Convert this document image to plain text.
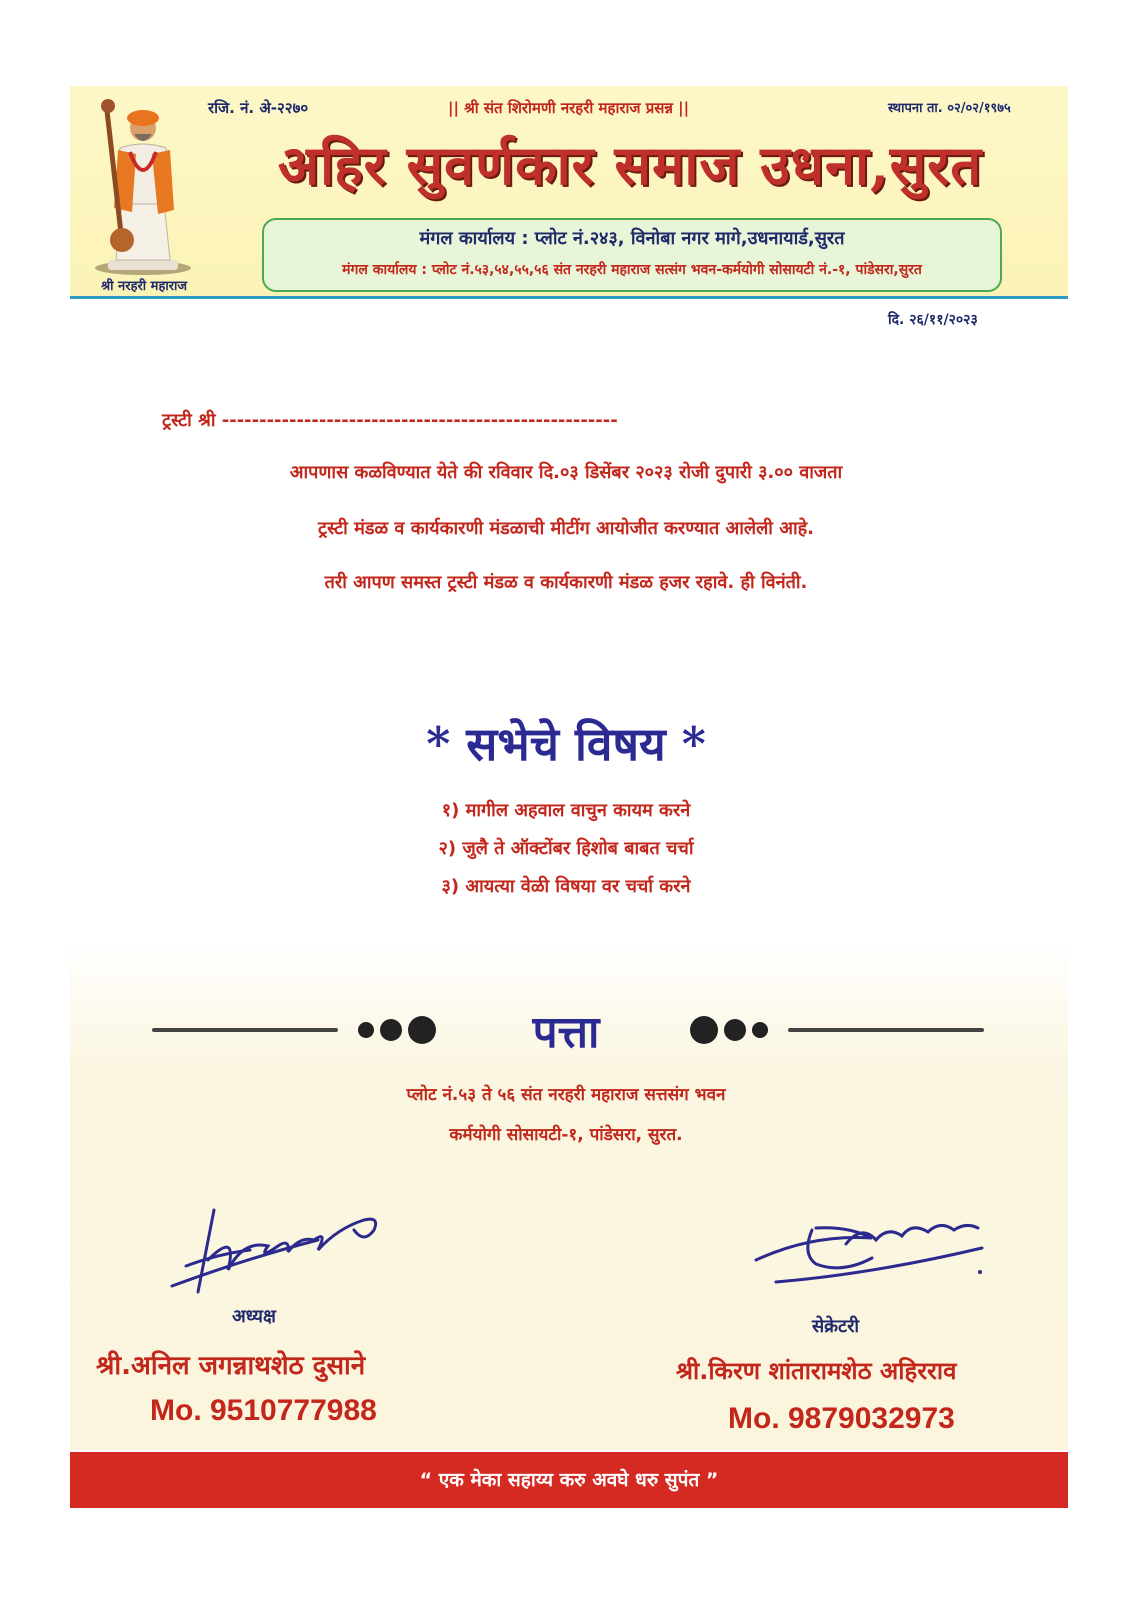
श्री नरहरी महाराज
रजि. नं. अे-२२७०	|| श्री संत शिरोमणी नरहरी महाराज प्रसन्न ||	स्थापना ता. ०२/०२/१९७५
अहिर सुवर्णकार समाज उधना,सुरत
मंगल कार्यालय : प्लोट नं.२४३, विनोबा नगर मागे,उधनायार्ड,सुरत
मंगल कार्यालय : प्लोट नं.५३,५४,५५,५६ संत नरहरी महाराज सत्संग भवन-कर्मयोगी सोसायटी नं.-१, पांडेसरा,सुरत
दि. २६/११/२०२३
ट्रस्टी श्री -----------------------------------------------------
आपणास कळविण्यात येते की रविवार दि.०३ डिसेंबर २०२३ रोजी दुपारी ३.०० वाजता
ट्रस्टी मंडळ व कार्यकारणी मंडळाची मीटींग आयोजीत करण्यात आलेली आहे.
तरी आपण समस्त ट्रस्टी मंडळ व कार्यकारणी मंडळ हजर रहावे. ही विनंती.
* सभेचे विषय *
१) मागील अहवाल वाचुन कायम करने
२) जुलै ते ऑक्टोंबर हिशोब बाबत चर्चा
३) आयत्या वेळी विषया वर चर्चा करने
पत्ता
प्लोट नं.५३ ते ५६ संत नरहरी महाराज सत्तसंग भवन
कर्मयोगी सोसायटी-१, पांडेसरा, सुरत.
अध्यक्ष
श्री.अनिल जगन्नाथशेठ दुसाने
Mo. 9510777988
सेक्रेटरी
श्री.किरण शांतारामशेठ अहिरराव
Mo. 9879032973
“ एक मेका सहाय्य करु अवघे धरु सुपंत ”
